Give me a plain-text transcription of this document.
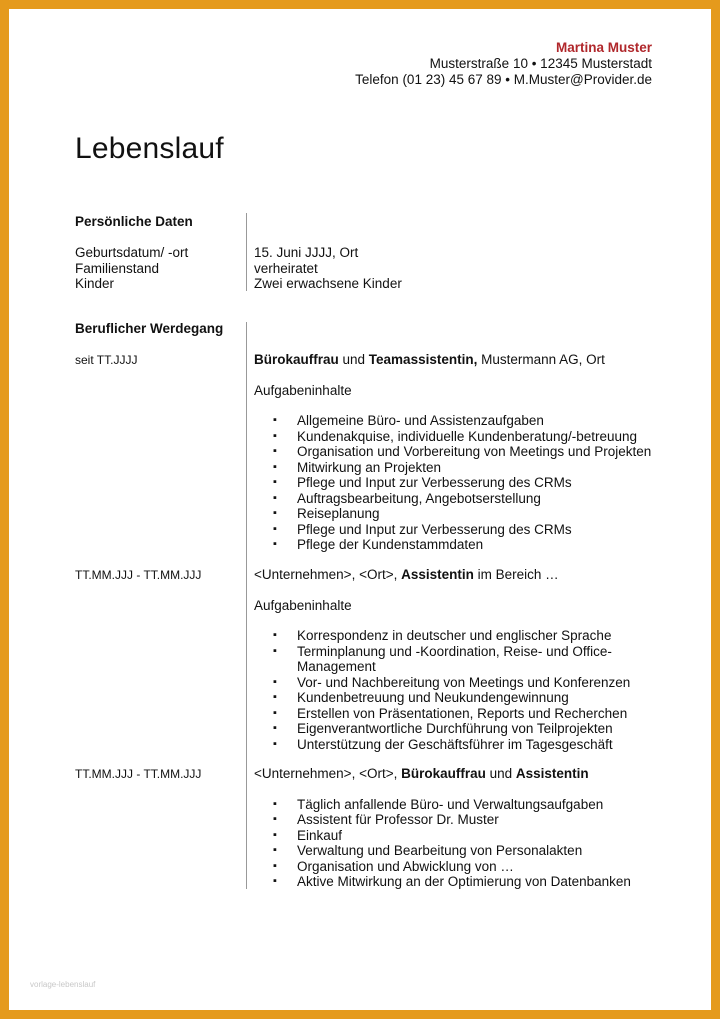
Martina Muster
Musterstraße 10 • 12345 Musterstadt
Telefon (01 23) 45 67 89 • M.Muster@Provider.de
Lebenslauf
Persönliche Daten
Geburtsdatum/ -ort	15. Juni JJJJ, Ort
Familienstand	verheiratet
Kinder	Zwei erwachsene Kinder
Beruflicher Werdegang
seit TT.JJJJ	Bürokauffrau und Teamassistentin, Mustermann AG, Ort
Aufgabeninhalte
▪ Allgemeine Büro- und Assistenzaufgaben
▪ Kundenakquise, individuelle Kundenberatung/-betreuung
▪ Organisation und Vorbereitung von Meetings und Projekten
▪ Mitwirkung an Projekten
▪ Pflege und Input zur Verbesserung des CRMs
▪ Auftragsbearbeitung, Angebotserstellung
▪ Reiseplanung
▪ Pflege und Input zur Verbesserung des CRMs
▪ Pflege der Kundenstammdaten
TT.MM.JJJ - TT.MM.JJJ	<Unternehmen>, <Ort>, Assistentin im Bereich …
Aufgabeninhalte
▪ Korrespondenz in deutscher und englischer Sprache
▪ Terminplanung und -Koordination, Reise- und Office-Management
▪ Vor- und Nachbereitung von Meetings und Konferenzen
▪ Kundenbetreuung und Neukundengewinnung
▪ Erstellen von Präsentationen, Reports und Recherchen
▪ Eigenverantwortliche Durchführung von Teilprojekten
▪ Unterstützung der Geschäftsführer im Tagesgeschäft
TT.MM.JJJ - TT.MM.JJJ	<Unternehmen>, <Ort>, Bürokauffrau und Assistentin
▪ Täglich anfallende Büro- und Verwaltungsaufgaben
▪ Assistent für Professor Dr. Muster
▪ Einkauf
▪ Verwaltung und Bearbeitung von Personalakten
▪ Organisation und Abwicklung von …
▪ Aktive Mitwirkung an der Optimierung von Datenbanken
vorlage-lebenslauf
